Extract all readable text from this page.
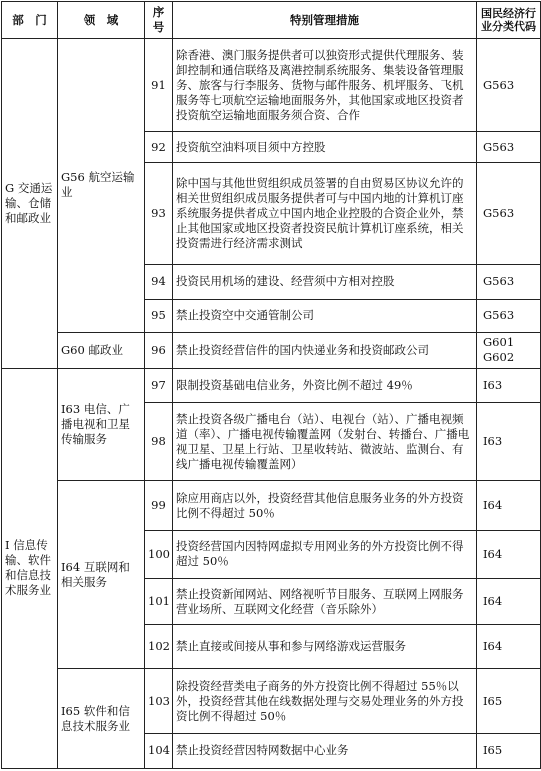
部　门	领　域	序号	特别管理措施	国民经济行业分类代码
G 交通运输、仓储和邮政业	G56 航空运输业	91	除香港、澳门服务提供者可以独资形式提供代理服务、装卸控制和通信联络及离港控制系统服务、集装设备管理服务、旅客与行李服务、货物与邮件服务、机坪服务、飞机服务等七项航空运输地面服务外，其他国家或地区投资者投资航空运输地面服务须合资、合作	G563

		92	投资航空油料项目须中方控股	G563

		93	除中国与其他世贸组织成员签署的自由贸易区协议允许的相关世贸组织成员服务提供者可与中国内地的计算机订座系统服务提供者成立中国内地企业控股的合资企业外，禁止其他国家或地区投资者投资民航计算机订座系统，相关投资需进行经济需求测试	G563

		94	投资民用机场的建设、经营须中方相对控股	G563

		95	禁止投资空中交通管制公司	G563

	G60 邮政业	96	禁止投资经营信件的国内快递业务和投资邮政公司	G601
G602

I 信息传输、软件和信息技术服务业	I63 电信、广播电视和卫星传输服务	97	限制投资基础电信业务，外资比例不超过 49％	I63

		98	禁止投资各级广播电台（站）、电视台（站）、广播电视频道（率）、广播电视传输覆盖网（发射台、转播台、广播电视卫星、卫星上行站、卫星收转站、微波站、监测台、有线广播电视传输覆盖网）	I63

	I64 互联网和相关服务	99	除应用商店以外，投资经营其他信息服务业务的外方投资比例不得超过 50％	I64

		100	投资经营国内因特网虚拟专用网业务的外方投资比例不得超过 50％	I64

		101	禁止投资新闻网站、网络视听节目服务、互联网上网服务营业场所、互联网文化经营（音乐除外）	I64

		102	禁止直接或间接从事和参与网络游戏运营服务	I64

	I65 软件和信息技术服务业	103	除投资经营类电子商务的外方投资比例不得超过 55％以外，投资经营其他在线数据处理与交易处理业务的外方投资比例不得超过 50％	I65

		104	禁止投资经营因特网数据中心业务	I65
